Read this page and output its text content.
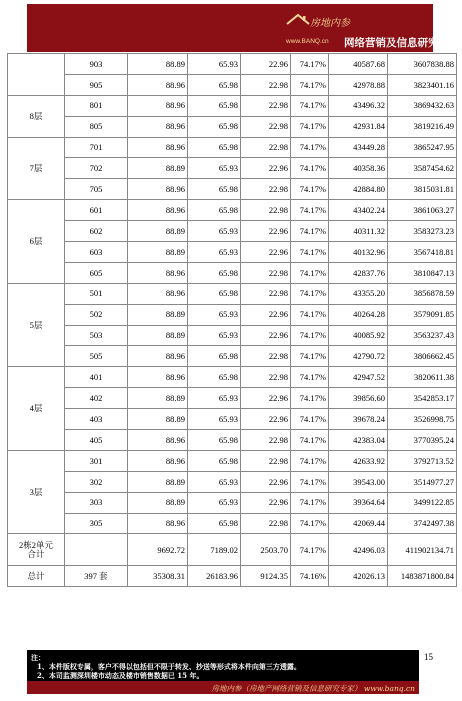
房地内参
www.BANQ.cn 网络营销及信息研究专家
	903	88.89	65.93	22.96	74.17%	40587.68	3607838.88
	905	88.96	65.98	22.98	74.17%	42978.88	3823401.16
8层	801	88.96	65.98	22.98	74.17%	43496.32	3869432.63
	805	88.96	65.98	22.98	74.17%	42931.84	3819216.49
7层	701	88.96	65.98	22.98	74.17%	43449.28	3865247.95
	702	88.89	65.93	22.96	74.17%	40358.36	3587454.62
	705	88.96	65.98	22.98	74.17%	42884.80	3815031.81
6层	601	88.96	65.98	22.98	74.17%	43402.24	3861063.27
	602	88.89	65.93	22.96	74.17%	40311.32	3583273.23
	603	88.89	65.93	22.96	74.17%	40132.96	3567418.81
	605	88.96	65.98	22.98	74.17%	42837.76	3810847.13
5层	501	88.96	65.98	22.98	74.17%	43355.20	3856878.59
	502	88.89	65.93	22.96	74.17%	40264.28	3579091.85
	503	88.89	65.93	22.96	74.17%	40085.92	3563237.43
	505	88.96	65.98	22.98	74.17%	42790.72	3806662.45
4层	401	88.96	65.98	22.98	74.17%	42947.52	3820611.38
	402	88.89	65.93	22.96	74.17%	39856.60	3542853.17
	403	88.89	65.93	22.96	74.17%	39678.24	3526998.75
	405	88.96	65.98	22.98	74.17%	42383.04	3770395.24
3层	301	88.96	65.98	22.98	74.17%	42633.92	3792713.52
	302	88.89	65.93	22.96	74.17%	39543.00	3514977.27
	303	88.89	65.93	22.96	74.17%	39364.64	3499122.85
	305	88.96	65.98	22.98	74.17%	42069.44	3742497.38

2栋2单元
合计		9692.72	7189.02	2503.70	74.17%	42496.03	411902134.71
总计	397 套	35308.31	26183.96	9124.35	74.16%	42026.13	1483871800.84
15
注：
1、本件版权专属，客户不得以包括但不限于转发、抄送等形式将本件向第三方透露。
2、本司监测深圳楼市动态及楼市销售数据已 15 年。
房地内参（房地产网络营销及信息研究专家） www.banq.cn
